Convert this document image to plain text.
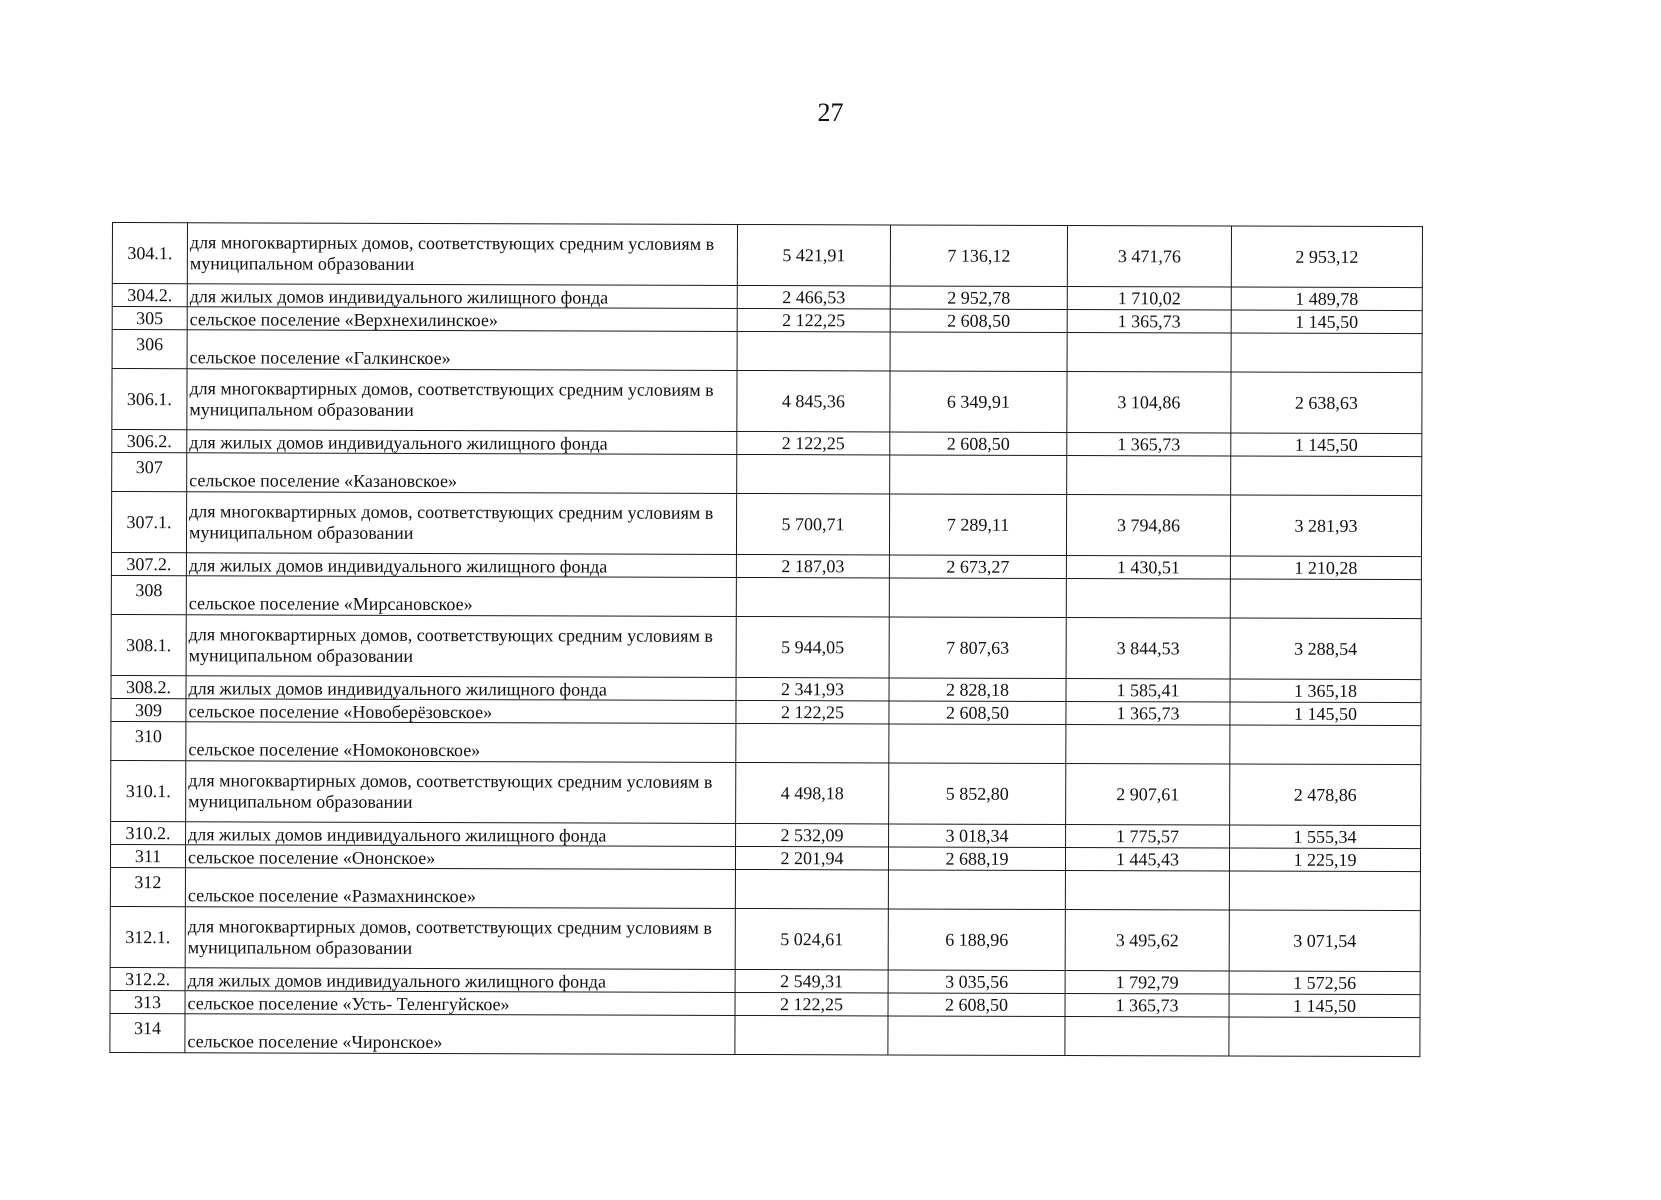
27
304.1.	для многоквартирных домов, соответствующих средним условиям в муниципальном образовании	5 421,91	7 136,12	3 471,76	2 953,12
304.2.	для жилых домов индивидуального жилищного фонда	2 466,53	2 952,78	1 710,02	1 489,78
305	сельское поселение «Верхнехилинское»	2 122,25	2 608,50	1 365,73	1 145,50
306	сельское поселение «Галкинское»				
306.1.	для многоквартирных домов, соответствующих средним условиям в муниципальном образовании	4 845,36	6 349,91	3 104,86	2 638,63
306.2.	для жилых домов индивидуального жилищного фонда	2 122,25	2 608,50	1 365,73	1 145,50
307	сельское поселение «Казановское»				
307.1.	для многоквартирных домов, соответствующих средним условиям в муниципальном образовании	5 700,71	7 289,11	3 794,86	3 281,93
307.2.	для жилых домов индивидуального жилищного фонда	2 187,03	2 673,27	1 430,51	1 210,28
308	сельское поселение «Мирсановское»				
308.1.	для многоквартирных домов, соответствующих средним условиям в муниципальном образовании	5 944,05	7 807,63	3 844,53	3 288,54
308.2.	для жилых домов индивидуального жилищного фонда	2 341,93	2 828,18	1 585,41	1 365,18
309	сельское поселение «Новоберёзовское»	2 122,25	2 608,50	1 365,73	1 145,50
310	сельское поселение «Номоконовское»				
310.1.	для многоквартирных домов, соответствующих средним условиям в муниципальном образовании	4 498,18	5 852,80	2 907,61	2 478,86
310.2.	для жилых домов индивидуального жилищного фонда	2 532,09	3 018,34	1 775,57	1 555,34
311	сельское поселение «Ононское»	2 201,94	2 688,19	1 445,43	1 225,19
312	сельское поселение «Размахнинское»				
312.1.	для многоквартирных домов, соответствующих средним условиям в муниципальном образовании	5 024,61	6 188,96	3 495,62	3 071,54
312.2.	для жилых домов индивидуального жилищного фонда	2 549,31	3 035,56	1 792,79	1 572,56
313	сельское поселение «Усть- Теленгуйское»	2 122,25	2 608,50	1 365,73	1 145,50
314	сельское поселение «Чиронское»				
